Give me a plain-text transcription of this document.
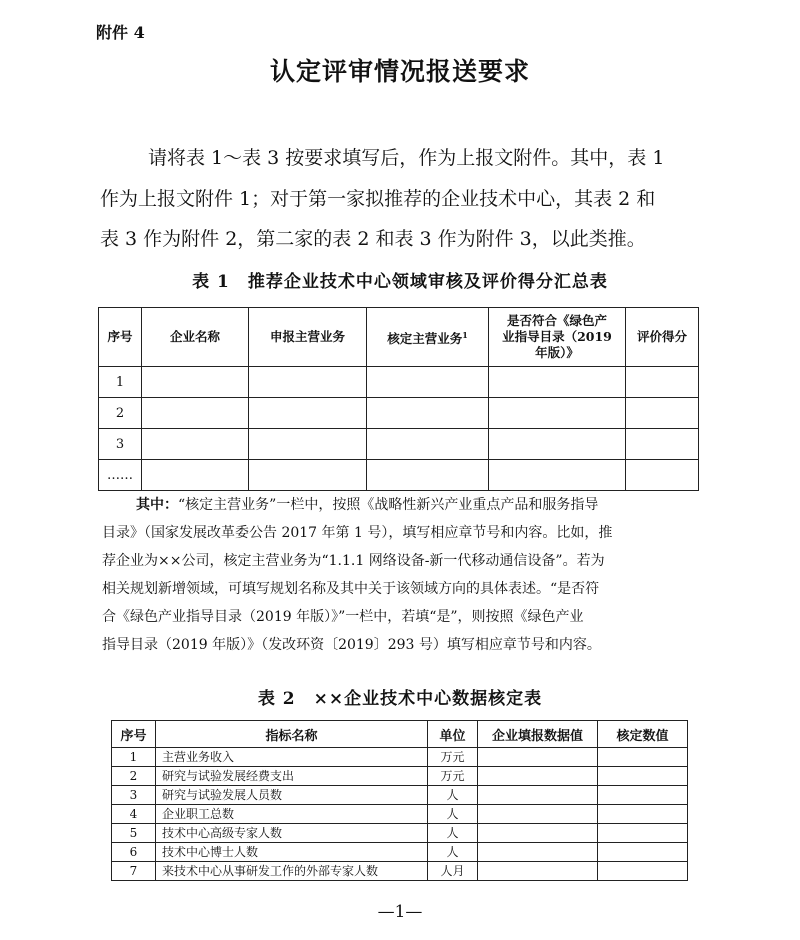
附件 4
认定评审情况报送要求
请将表 1～表 3 按要求填写后，作为上报文附件。其中，表 1
作为上报文附件 1；对于第一家拟推荐的企业技术中心，其表 2 和
表 3 作为附件 2，第二家的表 2 和表 3 作为附件 3，以此类推。
表 1　推荐企业技术中心领域审核及评价得分汇总表
序号	企业名称	申报主营业务	核定主营业务$^1$	是否符合《绿色产
业指导目录（2019
年版）》	评价得分
1					
2					
3					
……					
其中：“核定主营业务”一栏中，按照《战略性新兴产业重点产品和服务指导
目录》（国家发展改革委公告 2017 年第 1 号），填写相应章节号和内容。比如，推
荐企业为××公司，核定主营业务为“1.1.1 网络设备-新一代移动通信设备”。若为
相关规划新增领域，可填写规划名称及其中关于该领域方向的具体表述。“是否符
合《绿色产业指导目录（2019 年版）》”一栏中，若填“是”，则按照《绿色产业
指导目录（2019 年版）》（发改环资〔2019〕293 号）填写相应章节号和内容。
表 2　××企业技术中心数据核定表
序号	指标名称	单位	企业填报数据值	核定数值
1	主营业务收入	万元		
2	研究与试验发展经费支出	万元		
3	研究与试验发展人员数	人		
4	企业职工总数	人		
5	技术中心高级专家人数	人		
6	技术中心博士人数	人		
7	来技术中心从事研发工作的外部专家人数	人月		
—1—
